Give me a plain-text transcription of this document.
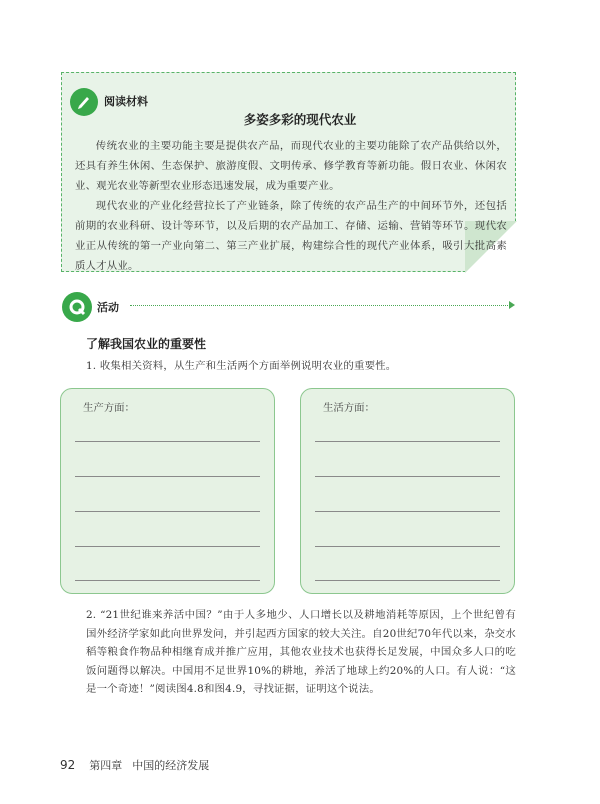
阅读材料
多姿多彩的现代农业
传统农业的主要功能主要是提供农产品，而现代农业的主要功能除了农产品供给以外，还具有养生休闲、生态保护、旅游度假、文明传承、修学教育等新功能。假日农业、休闲农业、观光农业等新型农业形态迅速发展，成为重要产业。
现代农业的产业化经营拉长了产业链条，除了传统的农产品生产的中间环节外，还包括前期的农业科研、设计等环节，以及后期的农产品加工、存储、运输、营销等环节。现代农业正从传统的第一产业向第二、第三产业扩展，构建综合性的现代产业体系，吸引大批高素质人才从业。
活动
了解我国农业的重要性
1. 收集相关资料，从生产和生活两个方面举例说明农业的重要性。
生产方面：	生活方面：
2. “21世纪谁来养活中国？”由于人多地少、人口增长以及耕地消耗等原因，上个世纪曾有国外经济学家如此向世界发问，并引起西方国家的较大关注。自20世纪70年代以来，杂交水稻等粮食作物品种相继育成并推广应用，其他农业技术也获得长足发展，中国众多人口的吃饭问题得以解决。中国用不足世界10%的耕地，养活了地球上约20%的人口。有人说：“这是一个奇迹！”阅读图4.8和图4.9，寻找证据，证明这个说法。
92 第四章 中国的经济发展
